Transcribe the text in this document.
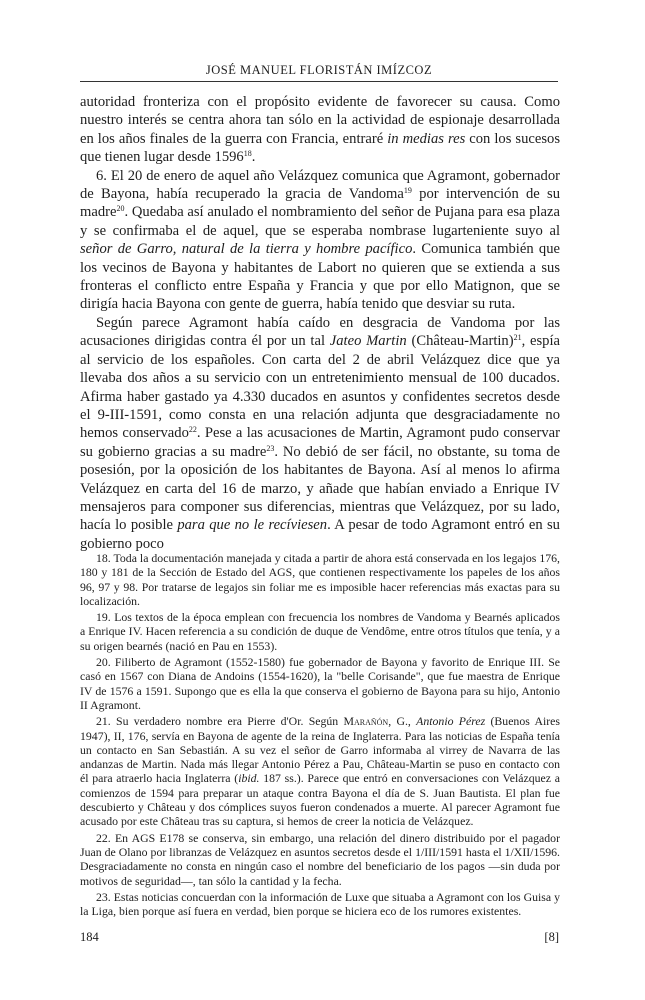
JOSÉ MANUEL FLORISTÁN IMÍZCOZ

autoridad fronteriza con el propósito evidente de favorecer su causa. Como nuestro interés se centra ahora tan sólo en la actividad de espionaje desarrollada en los años finales de la guerra con Francia, entraré in medias res con los sucesos que tienen lugar desde 1596$^{18}$.

6. El 20 de enero de aquel año Velázquez comunica que Agramont, gobernador de Bayona, había recuperado la gracia de Vandoma$^{19}$ por intervención de su madre$^{20}$. Quedaba así anulado el nombramiento del señor de Pujana para esa plaza y se confirmaba el de aquel, que se esperaba nombrase lugarteniente suyo al señor de Garro, natural de la tierra y hombre pacífico. Comunica también que los vecinos de Bayona y habitantes de Labort no quieren que se extienda a sus fronteras el conflicto entre España y Francia y que por ello Matignon, que se dirigía hacia Bayona con gente de guerra, había tenido que desviar su ruta.

Según parece Agramont había caído en desgracia de Vandoma por las acusaciones dirigidas contra él por un tal Jateo Martin (Château-Martin)$^{21}$, espía al servicio de los españoles. Con carta del 2 de abril Velázquez dice que ya llevaba dos años a su servicio con un entretenimiento mensual de 100 ducados. Afirma haber gastado ya 4.330 ducados en asuntos y confidentes secretos desde el 9-III-1591, como consta en una relación adjunta que desgraciadamente no hemos conservado$^{22}$. Pese a las acusaciones de Martin, Agramont pudo conservar su gobierno gracias a su madre$^{23}$. No debió de ser fácil, no obstante, su toma de posesión, por la oposición de los habitantes de Bayona. Así al menos lo afirma Velázquez en carta del 16 de marzo, y añade que habían enviado a Enrique IV mensajeros para componer sus diferencias, mientras que Velázquez, por su lado, hacía lo posible para que no le recíviesen. A pesar de todo Agramont entró en su gobierno poco

18. Toda la documentación manejada y citada a partir de ahora está conservada en los legajos 176, 180 y 181 de la Sección de Estado del AGS, que contienen respectivamente los papeles de los años 96, 97 y 98. Por tratarse de legajos sin foliar me es imposible hacer referencias más exactas para su localización.

19. Los textos de la época emplean con frecuencia los nombres de Vandoma y Bearnés aplicados a Enrique IV. Hacen referencia a su condición de duque de Vendôme, entre otros títulos que tenía, y a su origen bearnés (nació en Pau en 1553).

20. Filiberto de Agramont (1552-1580) fue gobernador de Bayona y favorito de Enrique III. Se casó en 1567 con Diana de Andoins (1554-1620), la "belle Corisande", que fue maestra de Enrique IV de 1576 a 1591. Supongo que es ella la que conserva el gobierno de Bayona para su hijo, Antonio II Agramont.

21. Su verdadero nombre era Pierre d'Or. Según Marañón, G., Antonio Pérez (Buenos Aires 1947), II, 176, servía en Bayona de agente de la reina de Inglaterra. Para las noticias de España tenía un contacto en San Sebastián. A su vez el señor de Garro informaba al virrey de Navarra de las andanzas de Martin. Nada más llegar Antonio Pérez a Pau, Château-Martin se puso en contacto con él para atraerlo hacia Inglaterra (ibid. 187 ss.). Parece que entró en conversaciones con Velázquez a comienzos de 1594 para preparar un ataque contra Bayona el día de S. Juan Bautista. El plan fue descubierto y Château y dos cómplices suyos fueron condenados a muerte. Al parecer Agramont fue acusado por este Château tras su captura, si hemos de creer la noticia de Velázquez.

22. En AGS E178 se conserva, sin embargo, una relación del dinero distribuido por el pagador Juan de Olano por libranzas de Velázquez en asuntos secretos desde el 1/III/1591 hasta el 1/XII/1596. Desgraciadamente no consta en ningún caso el nombre del beneficiario de los pagos —sin duda por motivos de seguridad—, tan sólo la cantidad y la fecha.

23. Estas noticias concuerdan con la información de Luxe que situaba a Agramont con los Guisa y la Liga, bien porque así fuera en verdad, bien porque se hiciera eco de los rumores existentes.

184	[8]
